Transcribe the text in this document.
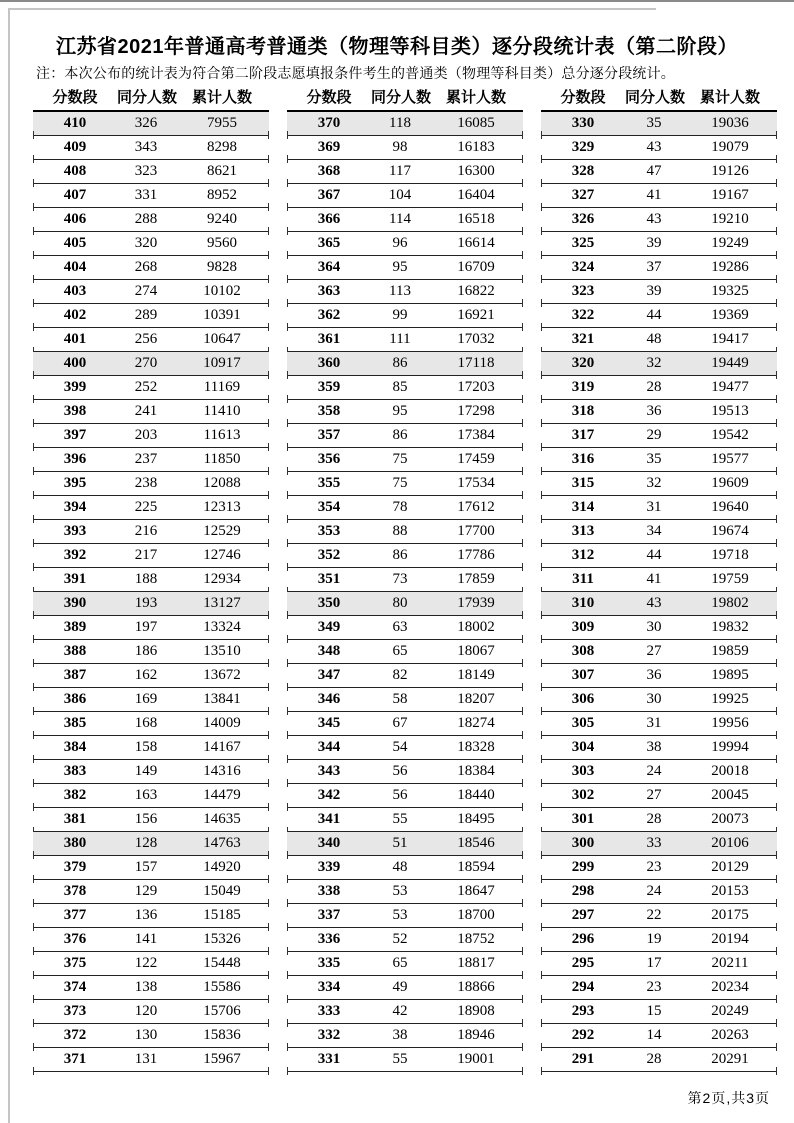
江苏省2021年普通高考普通类（物理等科目类）逐分段统计表（第二阶段）
注：本次公布的统计表为符合第二阶段志愿填报条件考生的普通类（物理等科目类）总分逐分段统计。
分数段	同分人数 累计人数
410	326	7955
409	343	8298
408	323	8621
407	331	8952
406	288	9240
405	320	9560
404	268	9828
403	274	10102
402	289	10391
401	256	10647
400	270	10917
399	252	11169
398	241	11410
397	203	11613
396	237	11850
395	238	12088
394	225	12313
393	216	12529
392	217	12746
391	188	12934
390	193	13127
389	197	13324
388	186	13510
387	162	13672
386	169	13841
385	168	14009
384	158	14167
383	149	14316
382	163	14479
381	156	14635
380	128	14763
379	157	14920
378	129	15049
377	136	15185
376	141	15326
375	122	15448
374	138	15586
373	120	15706
372	130	15836
371	131	15967
分数段	同分人数 累计人数
370	118	16085
369	98	16183
368	117	16300
367	104	16404
366	114	16518
365	96	16614
364	95	16709
363	113	16822
362	99	16921
361	111	17032
360	86	17118
359	85	17203
358	95	17298
357	86	17384
356	75	17459
355	75	17534
354	78	17612
353	88	17700
352	86	17786
351	73	17859
350	80	17939
349	63	18002
348	65	18067
347	82	18149
346	58	18207
345	67	18274
344	54	18328
343	56	18384
342	56	18440
341	55	18495
340	51	18546
339	48	18594
338	53	18647
337	53	18700
336	52	18752
335	65	18817
334	49	18866
333	42	18908
332	38	18946
331	55	19001
分数段	同分人数 累计人数
330	35	19036
329	43	19079
328	47	19126
327	41	19167
326	43	19210
325	39	19249
324	37	19286
323	39	19325
322	44	19369
321	48	19417
320	32	19449
319	28	19477
318	36	19513
317	29	19542
316	35	19577
315	32	19609
314	31	19640
313	34	19674
312	44	19718
311	41	19759
310	43	19802
309	30	19832
308	27	19859
307	36	19895
306	30	19925
305	31	19956
304	38	19994
303	24	20018
302	27	20045
301	28	20073
300	33	20106
299	23	20129
298	24	20153
297	22	20175
296	19	20194
295	17	20211
294	23	20234
293	15	20249
292	14	20263
291	28	20291
第2页,共3页
